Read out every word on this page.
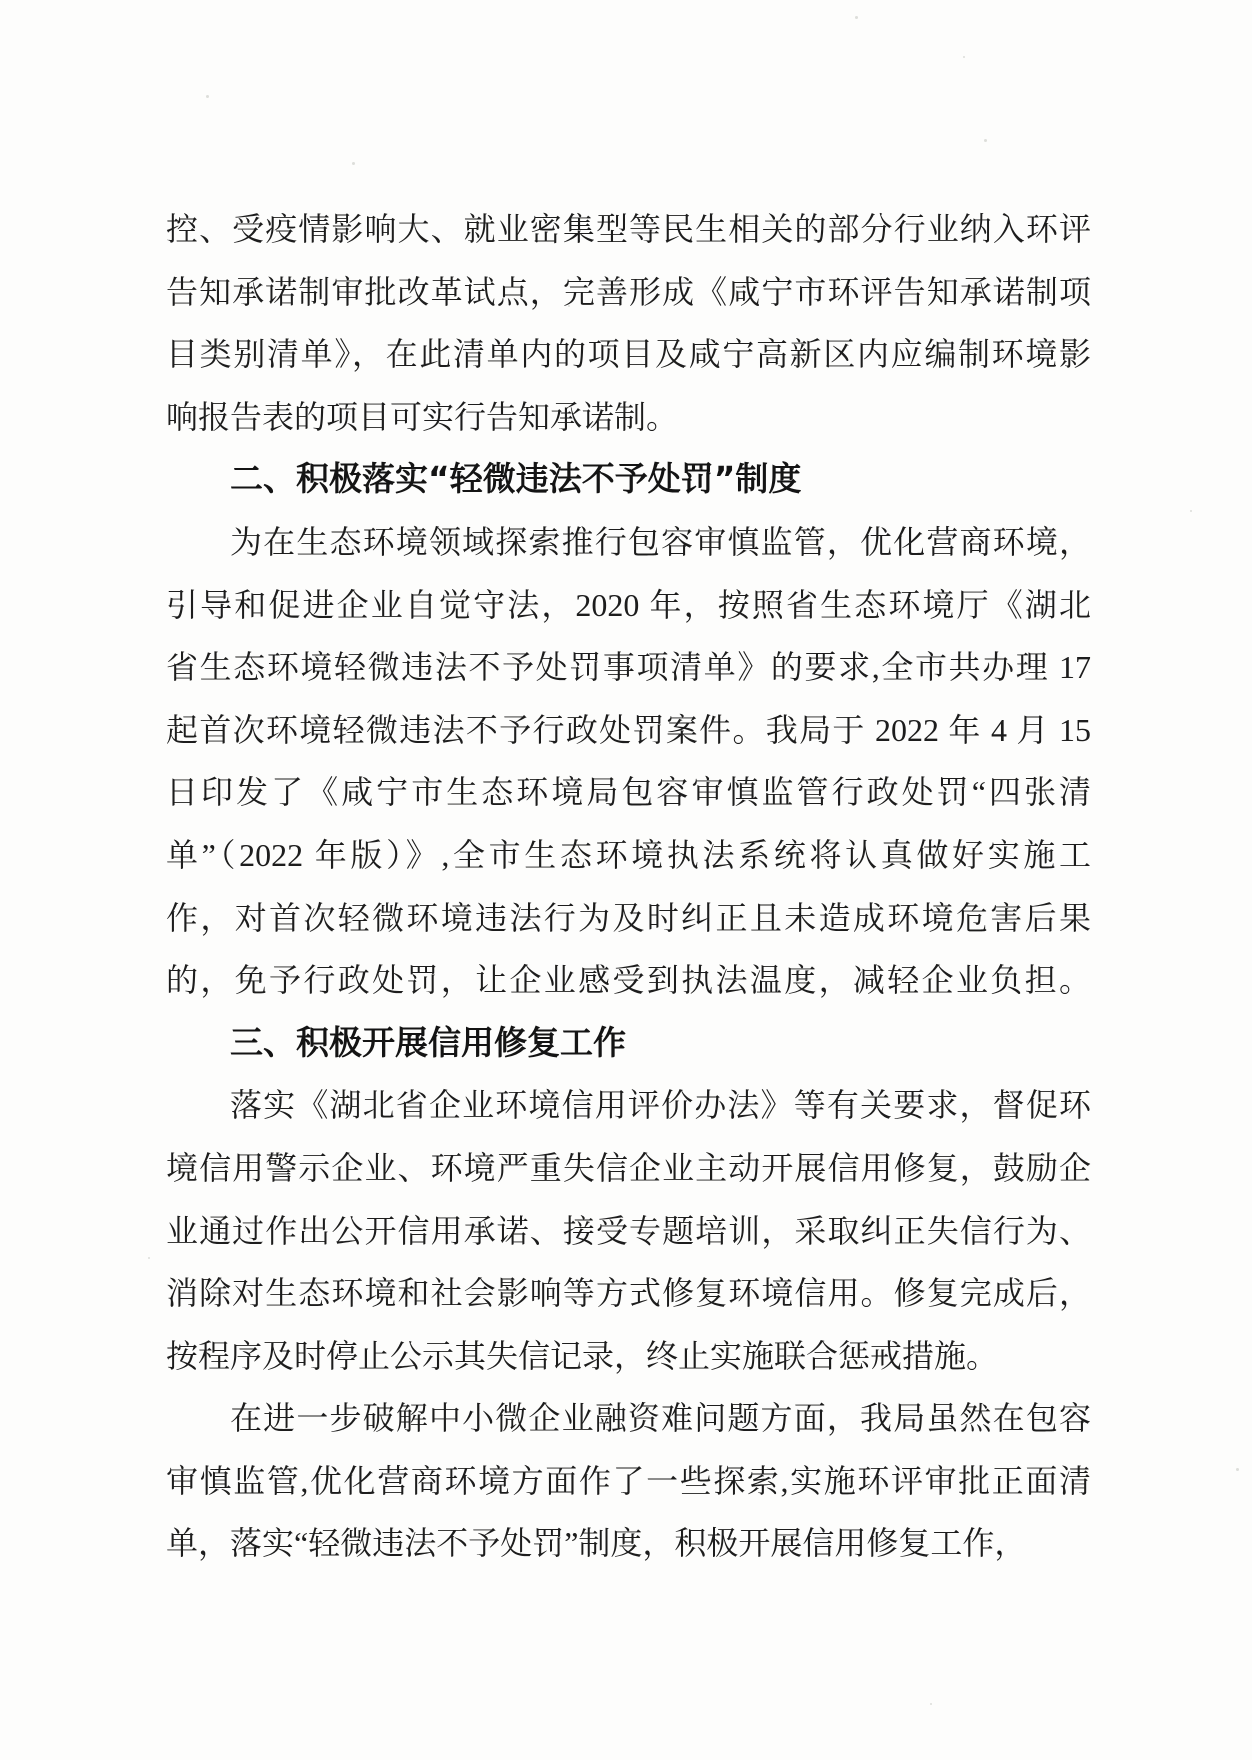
控、受疫情影响大、就业密集型等民生相关的部分行业纳入环评
告知承诺制审批改革试点，完善形成《咸宁市环评告知承诺制项
目类别清单》，在此清单内的项目及咸宁高新区内应编制环境影
响报告表的项目可实行告知承诺制。
二、积极落实“轻微违法不予处罚”制度
为在生态环境领域探索推行包容审慎监管，优化营商环境，
引导和促进企业自觉守法，2020 年，按照省生态环境厅《湖北
省生态环境轻微违法不予处罚事项清单》的要求,全市共办理 17
起首次环境轻微违法不予行政处罚案件。我局于 2022 年 4 月 15
日印发了《咸宁市生态环境局包容审慎监管行政处罚“四张清
单”（2022 年版）》,全市生态环境执法系统将认真做好实施工
作，对首次轻微环境违法行为及时纠正且未造成环境危害后果
的，免予行政处罚，让企业感受到执法温度，减轻企业负担。
三、积极开展信用修复工作
落实《湖北省企业环境信用评价办法》等有关要求，督促环
境信用警示企业、环境严重失信企业主动开展信用修复，鼓励企
业通过作出公开信用承诺、接受专题培训，采取纠正失信行为、
消除对生态环境和社会影响等方式修复环境信用。修复完成后，
按程序及时停止公示其失信记录，终止实施联合惩戒措施。
在进一步破解中小微企业融资难问题方面，我局虽然在包容
审慎监管,优化营商环境方面作了一些探索,实施环评审批正面清
单，落实“轻微违法不予处罚”制度，积极开展信用修复工作，
